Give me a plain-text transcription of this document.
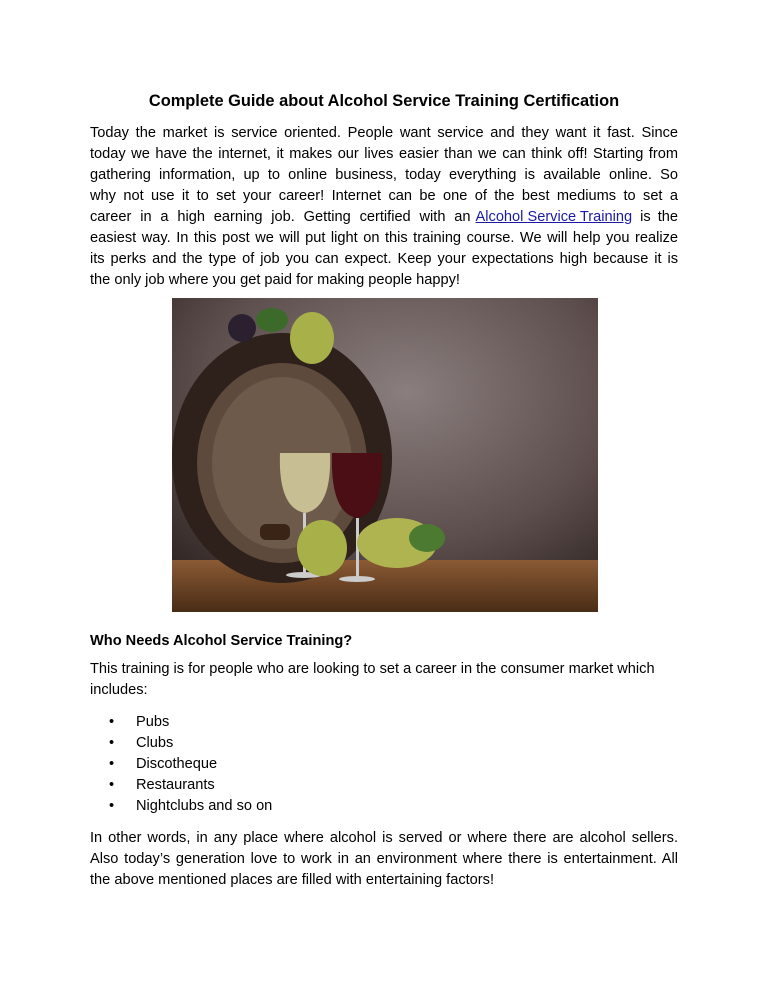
Complete Guide about Alcohol Service Training Certification
Today the market is service oriented. People want service and they want it fast. Since
today we have the internet, it makes our lives easier than we can think off! Starting from
gathering information, up to online business, today everything is available online. So
why not use it to set your career! Internet can be one of the best mediums to set a
career in a high earning job. Getting certified with an Alcohol Service Training is the
easiest way. In this post we will put light on this training course. We will help you realize
its perks and the type of job you can expect. Keep your expectations high because it is
the only job where you get paid for making people happy!
Who Needs Alcohol Service Training?
This training is for people who are looking to set a career in the consumer market which
includes:
• Pubs
• Clubs
• Discotheque
• Restaurants
• Nightclubs and so on
In other words, in any place where alcohol is served or where there are alcohol sellers.
Also today’s generation love to work in an environment where there is entertainment. All
the above mentioned places are filled with entertaining factors!
